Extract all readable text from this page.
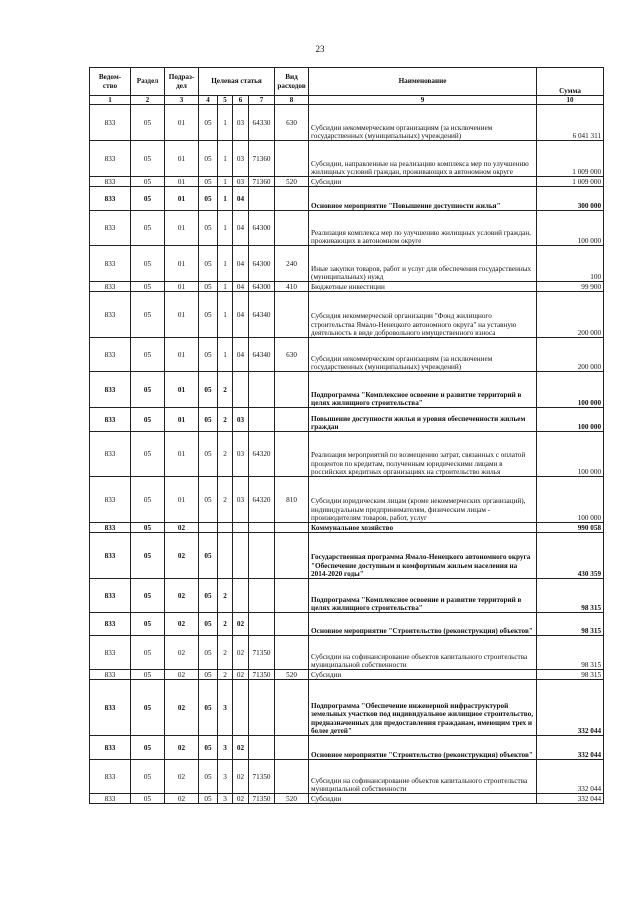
23
Ведом-ство	Раздел	Подраз-дел	Целевая статья				Вид расходов	Наименование	Сумма
1	2	3	4	5	6	7	8	9	10
833	05	01	05	1	03	64330	630	Субсидии некоммерческим организациям (за исключением государственных (муниципальных) учреждений)	6 041 311
833	05	01	05	1	03	71360		Субсидии, направленные на реализацию комплекса мер по улучшению жилищных условий граждан, проживающих в автономном округе	1 009 000
833	05	01	05	1	03	71360	520	Субсидии	1 009 000
833	05	01	05	1	04			Основное мероприятие "Повышение доступности жилья"	300 000
833	05	01	05	1	04	64300		Реализация комплекса мер по улучшению жилищных условий граждан, проживающих в автономном округе	100 000
833	05	01	05	1	04	64300	240	Иные закупки товаров, работ и услуг для обеспечения государственных (муниципальных) нужд	100
833	05	01	05	1	04	64300	410	Бюджетные инвестиции	99 900
833	05	01	05	1	04	64340		Субсидия некоммерческой организации "Фонд жилищного строительства Ямало-Ненецкого автономного округа" на уставную деятельность в виде добровольного имущественного взноса	200 000
833	05	01	05	1	04	64340	630	Субсидии некоммерческим организациям (за исключением государственных (муниципальных) учреждений)	200 000
833	05	01	05	2				Подпрограмма "Комплексное освоение и развитие территорий в целях жилищного строительства"	100 000
833	05	01	05	2	03			Повышение доступности жилья и уровня обеспеченности жильем граждан	100 000
833	05	01	05	2	03	64320		Реализация мероприятий по возмещению затрат, связанных с оплатой процентов по кредитам, полученным юридическими лицами в российских кредитных организациях на строительство жилья	100 000
833	05	01	05	2	03	64320	810	Субсидии юридическим лицам (кроме некоммерческих организаций), индивидуальным предпринимателям, физическим лицам - производителям товаров, работ, услуг	100 000
833	05	02						Коммунальное хозяйство	990 058
833	05	02	05					Государственная программа Ямало-Ненецкого автономного округа "Обеспечение доступным и комфортным жильем населения на 2014-2020 годы"	430 359
833	05	02	05	2				Подпрограмма "Комплексное освоение и развитие территорий в целях жилищного строительства"	98 315
833	05	02	05	2	02			Основное мероприятие "Строительство (реконструкция) объектов"	98 315
833	05	02	05	2	02	71350		Субсидии на софинансирование объектов капитального строительства муниципальной собственности	98 315
833	05	02	05	2	02	71350	520	Субсидии	98 315
833	05	02	05	3				Подпрограмма "Обеспечение инженерной инфраструктурой земельных участков под индивидуальное жилищное строительство, предназначенных для предоставления гражданам, имеющим трех и более детей"	332 044
833	05	02	05	3	02			Основное мероприятие "Строительство (реконструкция) объектов"	332 044
833	05	02	05	3	02	71350		Субсидии на софинансирование объектов капитального строительства муниципальной собственности	332 044
833	05	02	05	3	02	71350	520	Субсидии	332 044
